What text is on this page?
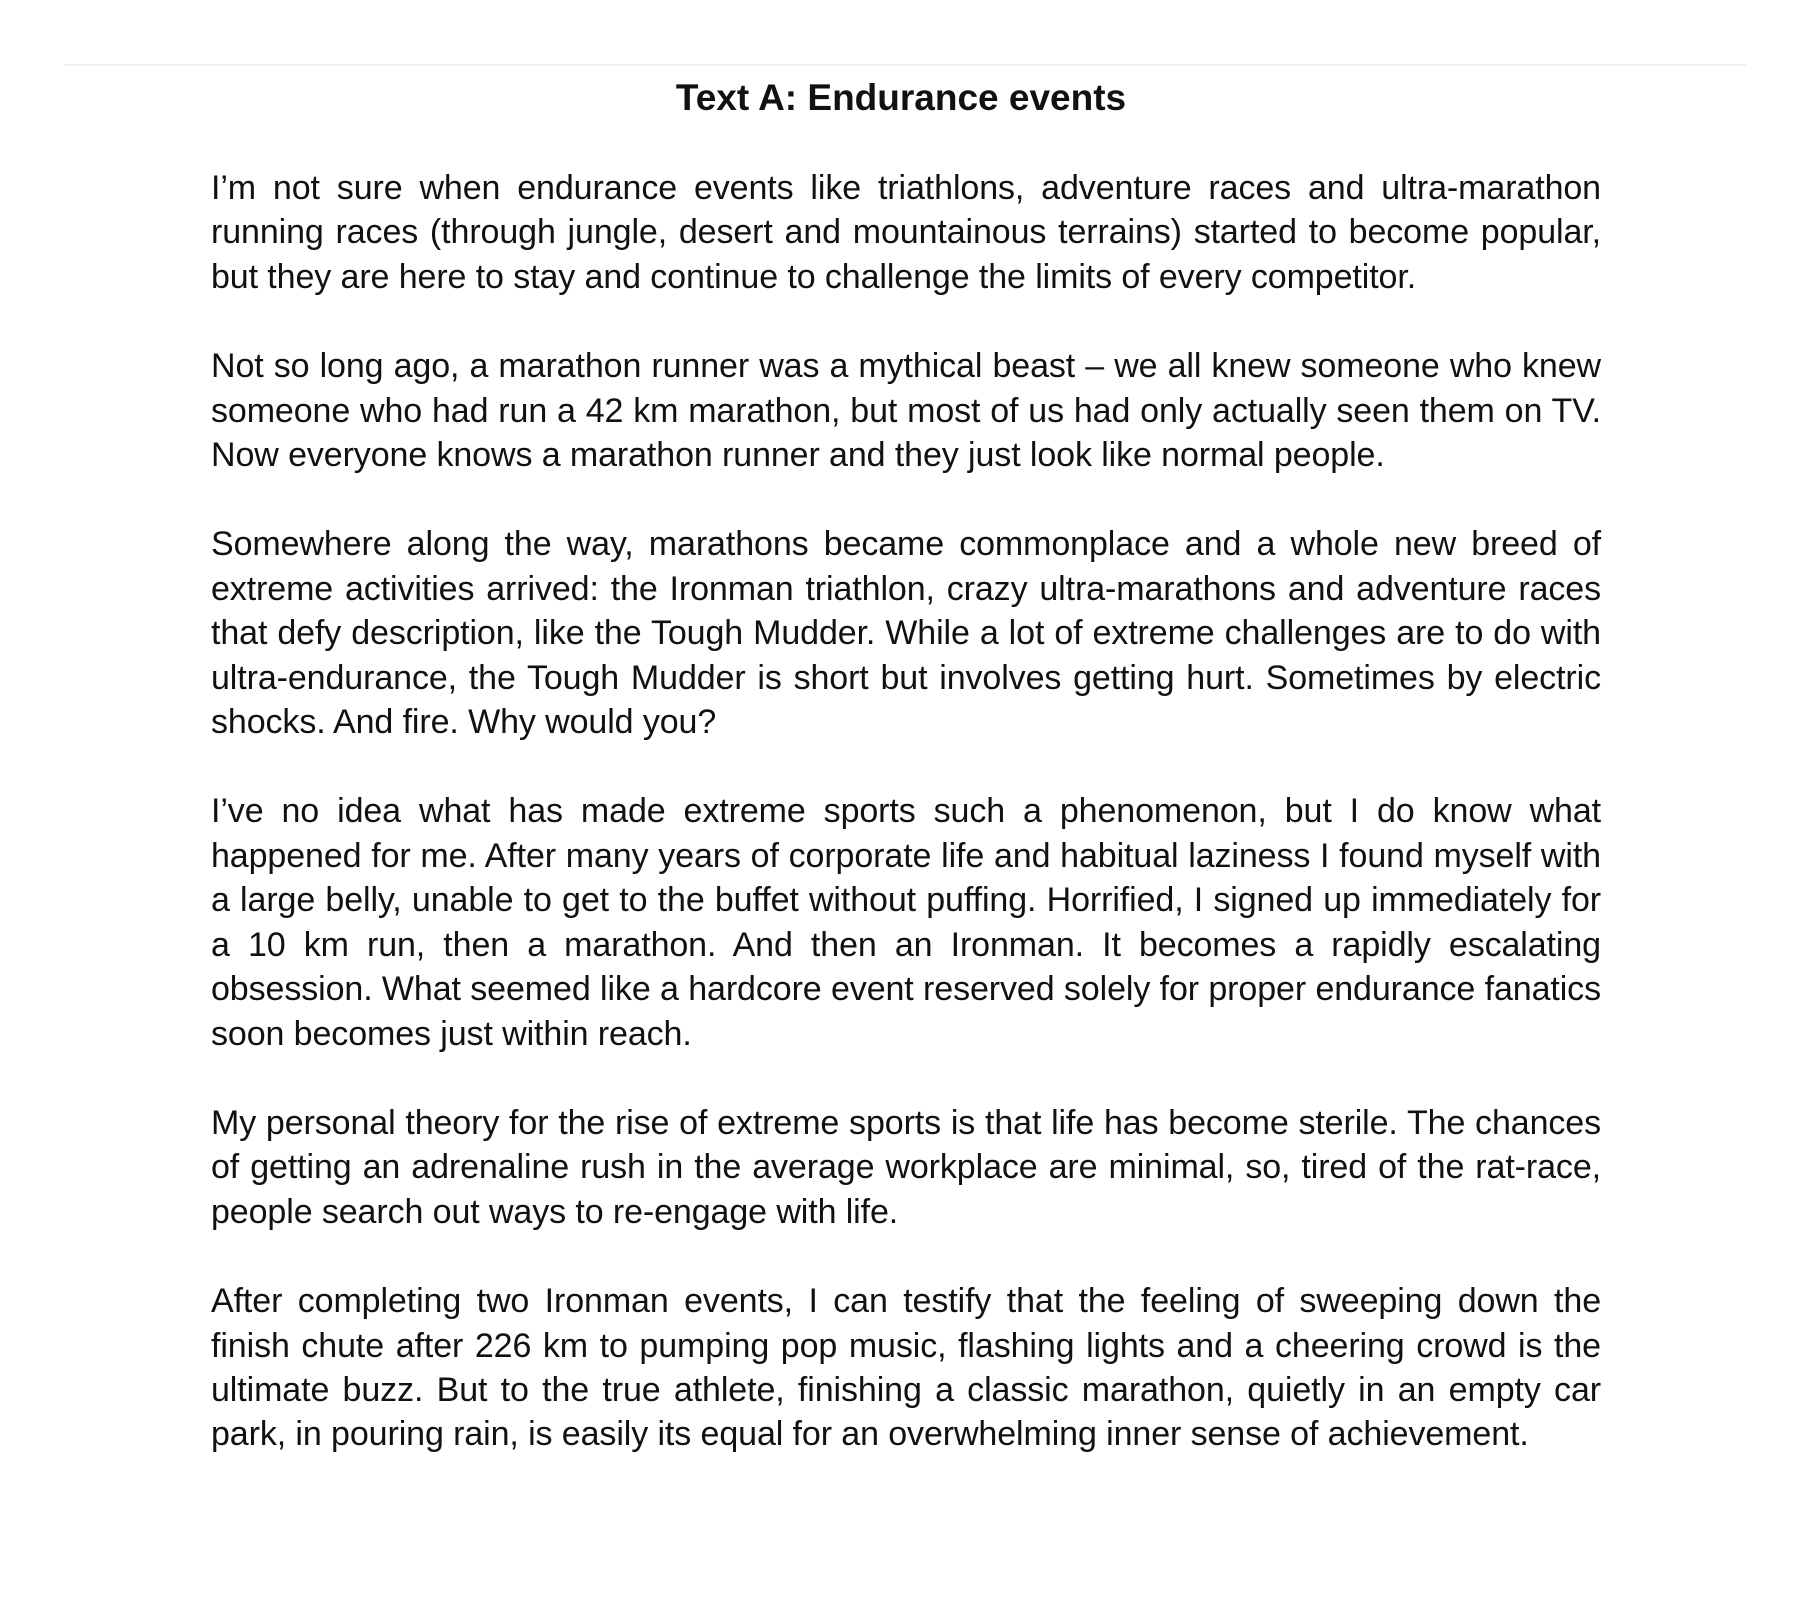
Text A: Endurance events

I’m not sure when endurance events like triathlons, adventure races and ultra-marathon running races (through jungle, desert and mountainous terrains) started to become popular, but they are here to stay and continue to challenge the limits of every competitor.

Not so long ago, a marathon runner was a mythical beast – we all knew someone who knew someone who had run a 42 km marathon, but most of us had only actually seen them on TV. Now everyone knows a marathon runner and they just look like normal people.

Somewhere along the way, marathons became commonplace and a whole new breed of extreme activities arrived: the Ironman triathlon, crazy ultra-marathons and adventure races that defy description, like the Tough Mudder. While a lot of extreme challenges are to do with ultra-endurance, the Tough Mudder is short but involves getting hurt. Sometimes by electric shocks. And fire. Why would you?

I’ve no idea what has made extreme sports such a phenomenon, but I do know what happened for me. After many years of corporate life and habitual laziness I found myself with a large belly, unable to get to the buffet without puffing. Horrified, I signed up immediately for a 10 km run, then a marathon. And then an Ironman. It becomes a rapidly escalating obsession. What seemed like a hardcore event reserved solely for proper endurance fanatics soon becomes just within reach.

My personal theory for the rise of extreme sports is that life has become sterile. The chances of getting an adrenaline rush in the average workplace are minimal, so, tired of the rat-race, people search out ways to re-engage with life.

After completing two Ironman events, I can testify that the feeling of sweeping down the finish chute after 226 km to pumping pop music, flashing lights and a cheering crowd is the ultimate buzz. But to the true athlete, finishing a classic marathon, quietly in an empty car park, in pouring rain, is easily its equal for an overwhelming inner sense of achievement.
